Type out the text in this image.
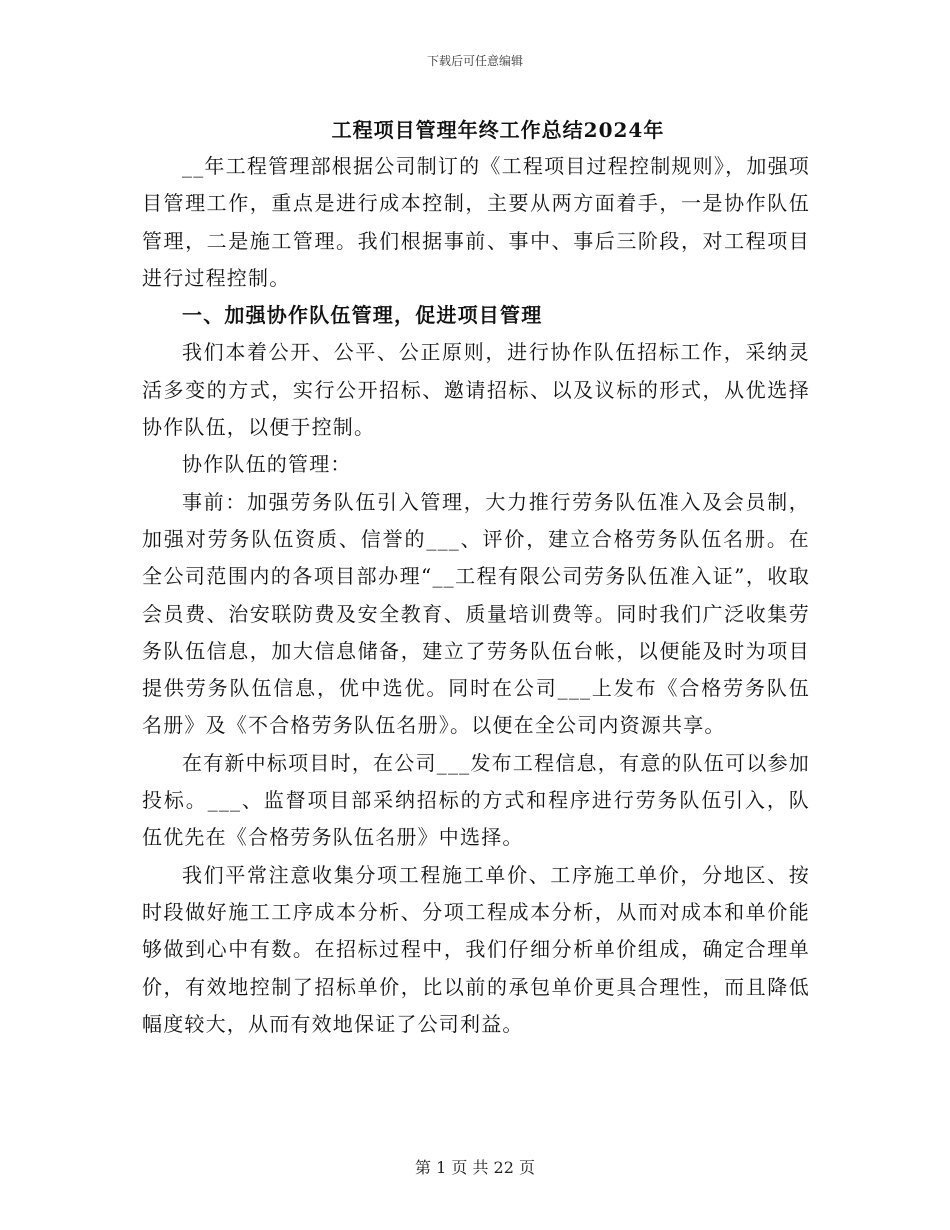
下载后可任意编辑
工程项目管理年终工作总结2024年

__年工程管理部根据公司制订的《工程项目过程控制规则》，加强项目管理工作，重点是进行成本控制，主要从两方面着手，一是协作队伍管理，二是施工管理。我们根据事前、事中、事后三阶段，对工程项目进行过程控制。

一、加强协作队伍管理，促进项目管理

我们本着公开、公平、公正原则，进行协作队伍招标工作，采纳灵活多变的方式，实行公开招标、邀请招标、以及议标的形式，从优选择协作队伍，以便于控制。

协作队伍的管理：

事前：加强劳务队伍引入管理，大力推行劳务队伍准入及会员制，加强对劳务队伍资质、信誉的___、评价，建立合格劳务队伍名册。在全公司范围内的各项目部办理“__工程有限公司劳务队伍准入证”，收取会员费、治安联防费及安全教育、质量培训费等。同时我们广泛收集劳务队伍信息，加大信息储备，建立了劳务队伍台帐，以便能及时为项目提供劳务队伍信息，优中选优。同时在公司___上发布《合格劳务队伍名册》及《不合格劳务队伍名册》。以便在全公司内资源共享。

在有新中标项目时，在公司___发布工程信息，有意的队伍可以参加投标。___、监督项目部采纳招标的方式和程序进行劳务队伍引入，队伍优先在《合格劳务队伍名册》中选择。

我们平常注意收集分项工程施工单价、工序施工单价，分地区、按时段做好施工工序成本分析、分项工程成本分析，从而对成本和单价能够做到心中有数。在招标过程中，我们仔细分析单价组成，确定合理单价，有效地控制了招标单价，比以前的承包单价更具合理性，而且降低幅度较大，从而有效地保证了公司利益。

第 1 页 共 22 页
